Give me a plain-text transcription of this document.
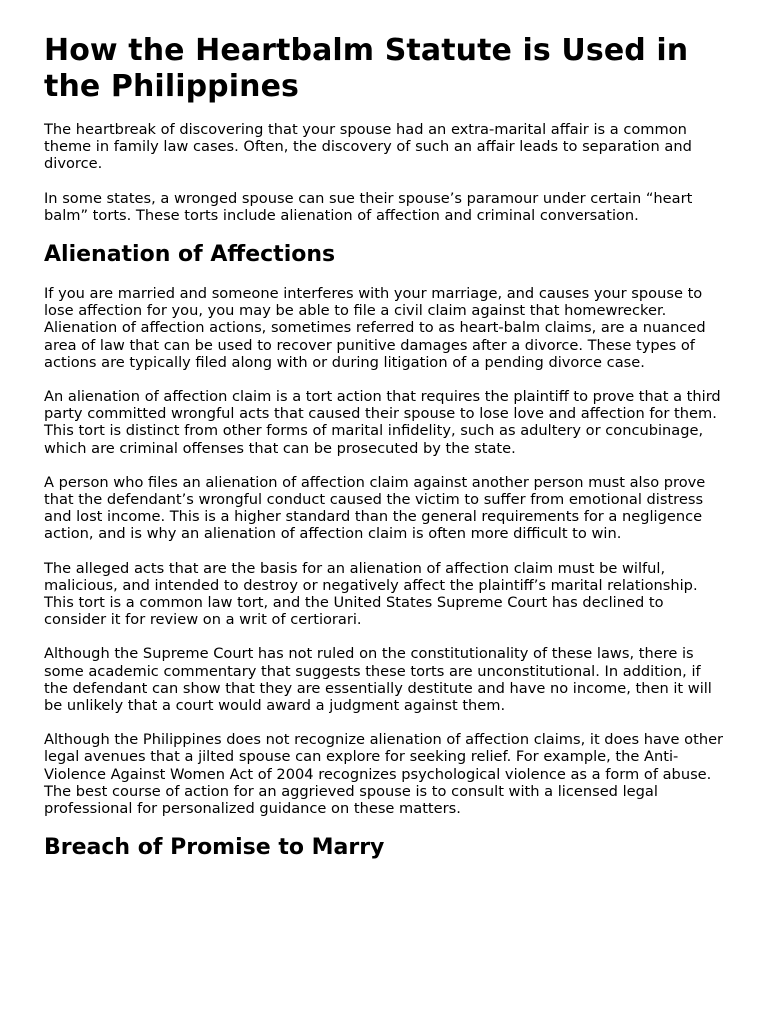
How the Heartbalm Statute is Used in the Philippines

The heartbreak of discovering that your spouse had an extra-marital affair is a common theme in family law cases. Often, the discovery of such an affair leads to separation and divorce.

In some states, a wronged spouse can sue their spouse’s paramour under certain “heart balm” torts. These torts include alienation of affection and criminal conversation.

Alienation of Affections

If you are married and someone interferes with your marriage, and causes your spouse to lose affection for you, you may be able to file a civil claim against that homewrecker. Alienation of affection actions, sometimes referred to as heart-balm claims, are a nuanced area of law that can be used to recover punitive damages after a divorce. These types of actions are typically filed along with or during litigation of a pending divorce case.

An alienation of affection claim is a tort action that requires the plaintiff to prove that a third party committed wrongful acts that caused their spouse to lose love and affection for them. This tort is distinct from other forms of marital infidelity, such as adultery or concubinage, which are criminal offenses that can be prosecuted by the state.

A person who files an alienation of affection claim against another person must also prove that the defendant’s wrongful conduct caused the victim to suffer from emotional distress and lost income. This is a higher standard than the general requirements for a negligence action, and is why an alienation of affection claim is often more difficult to win.

The alleged acts that are the basis for an alienation of affection claim must be wilful, malicious, and intended to destroy or negatively affect the plaintiff’s marital relationship. This tort is a common law tort, and the United States Supreme Court has declined to consider it for review on a writ of certiorari.

Although the Supreme Court has not ruled on the constitutionality of these laws, there is some academic commentary that suggests these torts are unconstitutional. In addition, if the defendant can show that they are essentially destitute and have no income, then it will be unlikely that a court would award a judgment against them.

Although the Philippines does not recognize alienation of affection claims, it does have other legal avenues that a jilted spouse can explore for seeking relief. For example, the Anti-Violence Against Women Act of 2004 recognizes psychological violence as a form of abuse. The best course of action for an aggrieved spouse is to consult with a licensed legal professional for personalized guidance on these matters.

Breach of Promise to Marry
